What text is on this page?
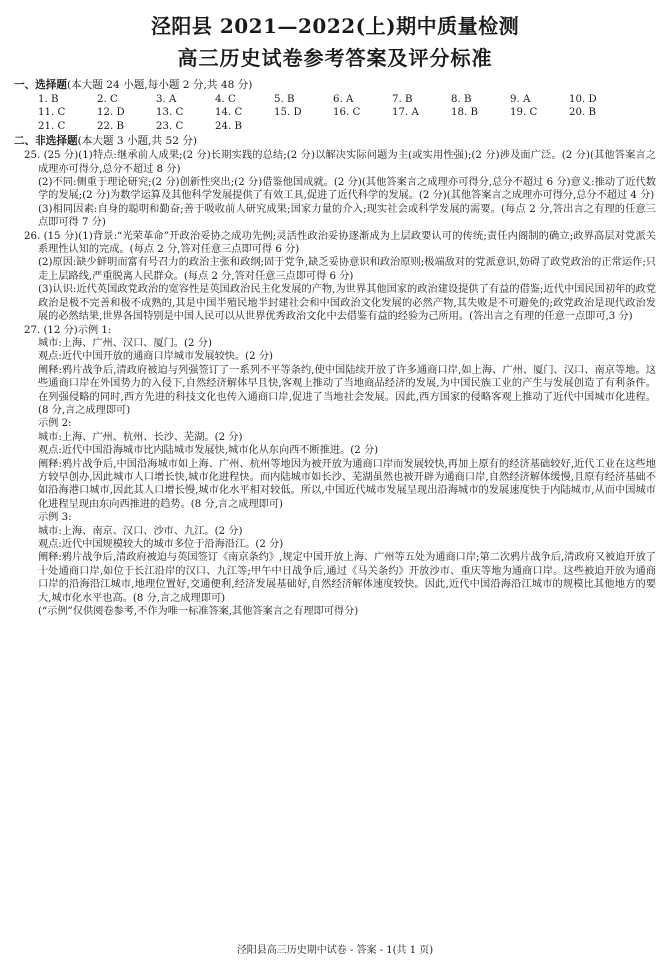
泾阳县 2021—2022(上)期中质量检测
高三历史试卷参考答案及评分标准
一、选择题(本大题 24 小题,每小题 2 分,共 48 分)
1. B	2. C	3. A	4. C	5. B	6. A	7. B	8. B	9. A	10. D
11. C	12. D	13. C	14. C	15. D	16. C	17. A	18. B	19. C	20. B
21. C	22. B	23. C	24. B
二、非选择题(本大题 3 小题,共 52 分)

25. (25 分)(1)特点:继承前人成果;(2 分)长期实践的总结;(2 分)以解决实际问题为主(或实用性强);(2 分)涉及面广泛。(2 分)(其他答案言之成理亦可得分,总分不超过 8 分)

(2)不同:侧重于理论研究;(2 分)创新性突出;(2 分)借鉴他国成就。(2 分)(其他答案言之成理亦可得分,总分不超过 6 分)意义:推动了近代数学的发展;(2 分)为数学运算及其他科学发展提供了有效工具,促进了近代科学的发展。(2 分)(其他答案言之成理亦可得分,总分不超过 4 分)

(3)相同因素:自身的聪明和勤奋;善于吸收前人研究成果;国家力量的介入;现实社会或科学发展的需要。(每点 2 分,答出言之有理的任意三点即可得 7 分)

26. (15 分)(1)背景:“光荣革命”开政治妥协之成功先例;灵活性政治妥协逐渐成为上层政要认可的传统;责任内阁制的确立;政界高层对党派关系理性认知的完成。(每点 2 分,答对任意三点即可得 6 分)

(2)原因:缺少鲜明而富有号召力的政治主张和政纲;固于党争,缺乏妥协意识和政治原则;极端敌对的党派意识,妨碍了政党政治的正常运作;只走上层路线,严重脱离人民群众。(每点 2 分,答对任意三点即可得 6 分)

(3)认识:近代英国政党政治的宽容性是英国政治民主化发展的产物,为世界其他国家的政治建设提供了有益的借鉴;近代中国民国初年的政党政治是极不完善和极不成熟的,其是中国半殖民地半封建社会和中国政治文化发展的必然产物,其失败是不可避免的;政党政治是现代政治发展的必然结果,世界各国特别是中国人民可以从世界优秀政治文化中去借鉴有益的经验为己所用。(答出言之有理的任意一点即可,3 分)

27. (12 分)示例 1:

城市:上海、广州、汉口、厦门。(2 分)

观点:近代中国开放的通商口岸城市发展较快。(2 分)

阐释:鸦片战争后,清政府被迫与列强签订了一系列不平等条约,使中国陆续开放了许多通商口岸,如上海、广州、厦门、汉口、南京等地。这些通商口岸在外国势力的入侵下,自然经济解体早且快,客观上推动了当地商品经济的发展,为中国民族工业的产生与发展创造了有利条件。在列强侵略的同时,西方先进的科技文化也传入通商口岸,促进了当地社会发展。因此,西方国家的侵略客观上推动了近代中国城市化进程。(8 分,言之成理即可)

示例 2:

城市:上海、广州、杭州、长沙、芜湖。(2 分)

观点:近代中国沿海城市比内陆城市发展快,城市化从东向西不断推进。(2 分)

阐释:鸦片战争后,中国沿海城市如上海、广州、杭州等地因为被开放为通商口岸而发展较快,再加上原有的经济基础较好,近代工业在这些地方较早创办,因此城市人口增长快,城市化进程快。而内陆城市如长沙、芜湖虽然也被开辟为通商口岸,自然经济解体缓慢,且原有经济基础不如沿海港口城市,因此其人口增长慢,城市化水平相对较低。所以,中国近代城市发展呈现出沿海城市的发展速度快于内陆城市,从而中国城市化进程呈现由东向西推进的趋势。(8 分,言之成理即可)

示例 3:

城市:上海、南京、汉口、沙市、九江。(2 分)

观点:近代中国规模较大的城市多位于沿海沿江。(2 分)

阐释:鸦片战争后,清政府被迫与英国签订《南京条约》,规定中国开放上海、广州等五处为通商口岸;第二次鸦片战争后,清政府又被迫开放了十处通商口岸,如位于长江沿岸的汉口、九江等;甲午中日战争后,通过《马关条约》开放沙市、重庆等地为通商口岸。这些被迫开放为通商口岸的沿海沿江城市,地理位置好,交通便利,经济发展基础好,自然经济解体速度较快。因此,近代中国沿海沿江城市的规模比其他地方的要大,城市化水平也高。(8 分,言之成理即可)

(“示例”仅供阅卷参考,不作为唯一标准答案,其他答案言之有理即可得分)

泾阳县高三历史期中试卷 - 答案 - 1(共 1 页)
